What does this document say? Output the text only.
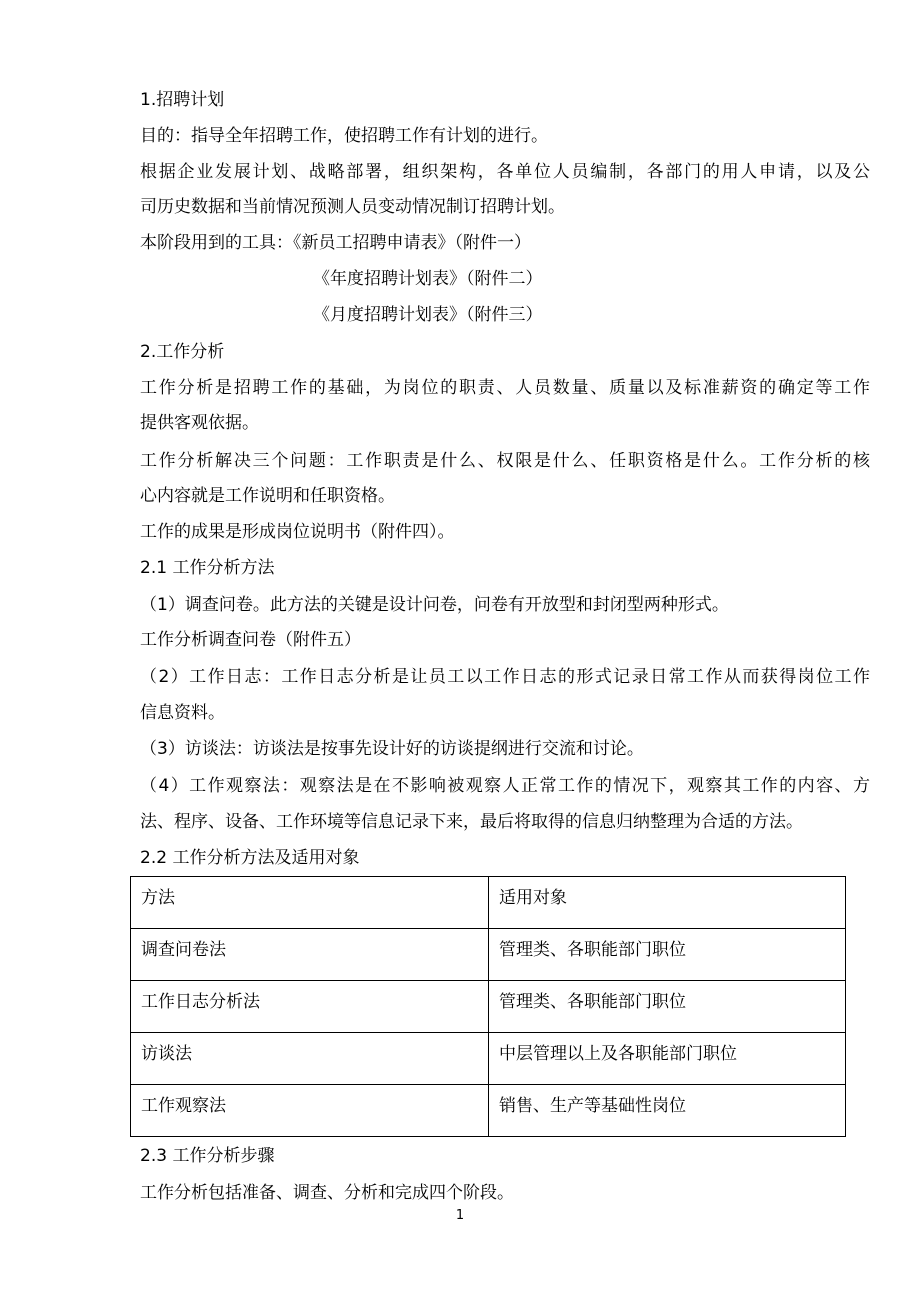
1.招聘计划
目的：指导全年招聘工作，使招聘工作有计划的进行。
根据企业发展计划、战略部署，组织架构，各单位人员编制，各部门的用人申请，以及公
司历史数据和当前情况预测人员变动情况制订招聘计划。
本阶段用到的工具：《新员工招聘申请表》（附件一）
《年度招聘计划表》（附件二）
《月度招聘计划表》（附件三）
2.工作分析
工作分析是招聘工作的基础，为岗位的职责、人员数量、质量以及标准薪资的确定等工作
提供客观依据。
工作分析解决三个问题：工作职责是什么、权限是什么、任职资格是什么。工作分析的核
心内容就是工作说明和任职资格。
工作的成果是形成岗位说明书（附件四）。
2.1 工作分析方法
（1）调查问卷。此方法的关键是设计问卷，问卷有开放型和封闭型两种形式。
工作分析调查问卷（附件五）
（2）工作日志：工作日志分析是让员工以工作日志的形式记录日常工作从而获得岗位工作
信息资料。
（3）访谈法：访谈法是按事先设计好的访谈提纲进行交流和讨论。
（4）工作观察法：观察法是在不影响被观察人正常工作的情况下，观察其工作的内容、方
法、程序、设备、工作环境等信息记录下来，最后将取得的信息归纳整理为合适的方法。
2.2 工作分析方法及适用对象
方法	适用对象
调查问卷法	管理类、各职能部门职位
工作日志分析法	管理类、各职能部门职位
访谈法	中层管理以上及各职能部门职位
工作观察法	销售、生产等基础性岗位
2.3 工作分析步骤
工作分析包括准备、调查、分析和完成四个阶段。
1
